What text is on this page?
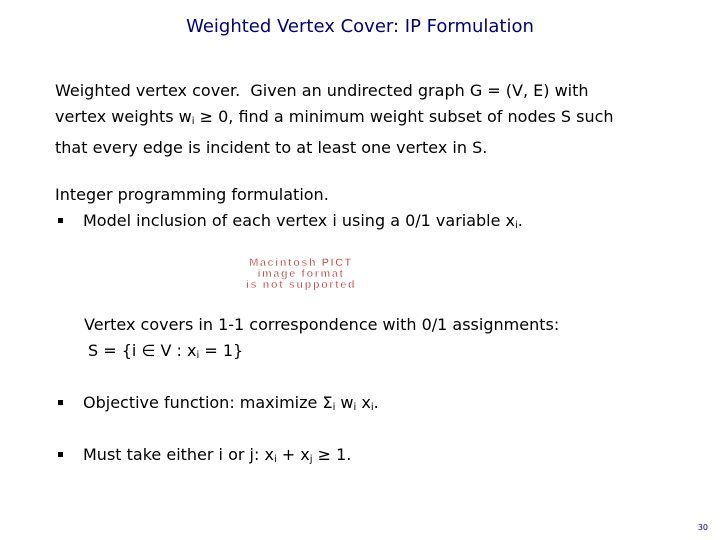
Weighted Vertex Cover: IP Formulation
Weighted vertex cover. Given an undirected graph G = (V, E) with
vertex weights $w_i \ge 0$, find a minimum weight subset of nodes S such
that every edge is incident to at least one vertex in S.
Integer programming formulation.
Model inclusion of each vertex i using a 0/1 variable $x_i$.
Macintosh PICT
image format
is not supported
Vertex covers in 1-1 correspondence with 0/1 assignments:
S = {i ∈ V : $x_i = 1$}
Objective function: maximize $\Sigma_i$ $w_i$ $x_i$.
Must take either i or j: $x_i + x_j \ge 1$.
30
